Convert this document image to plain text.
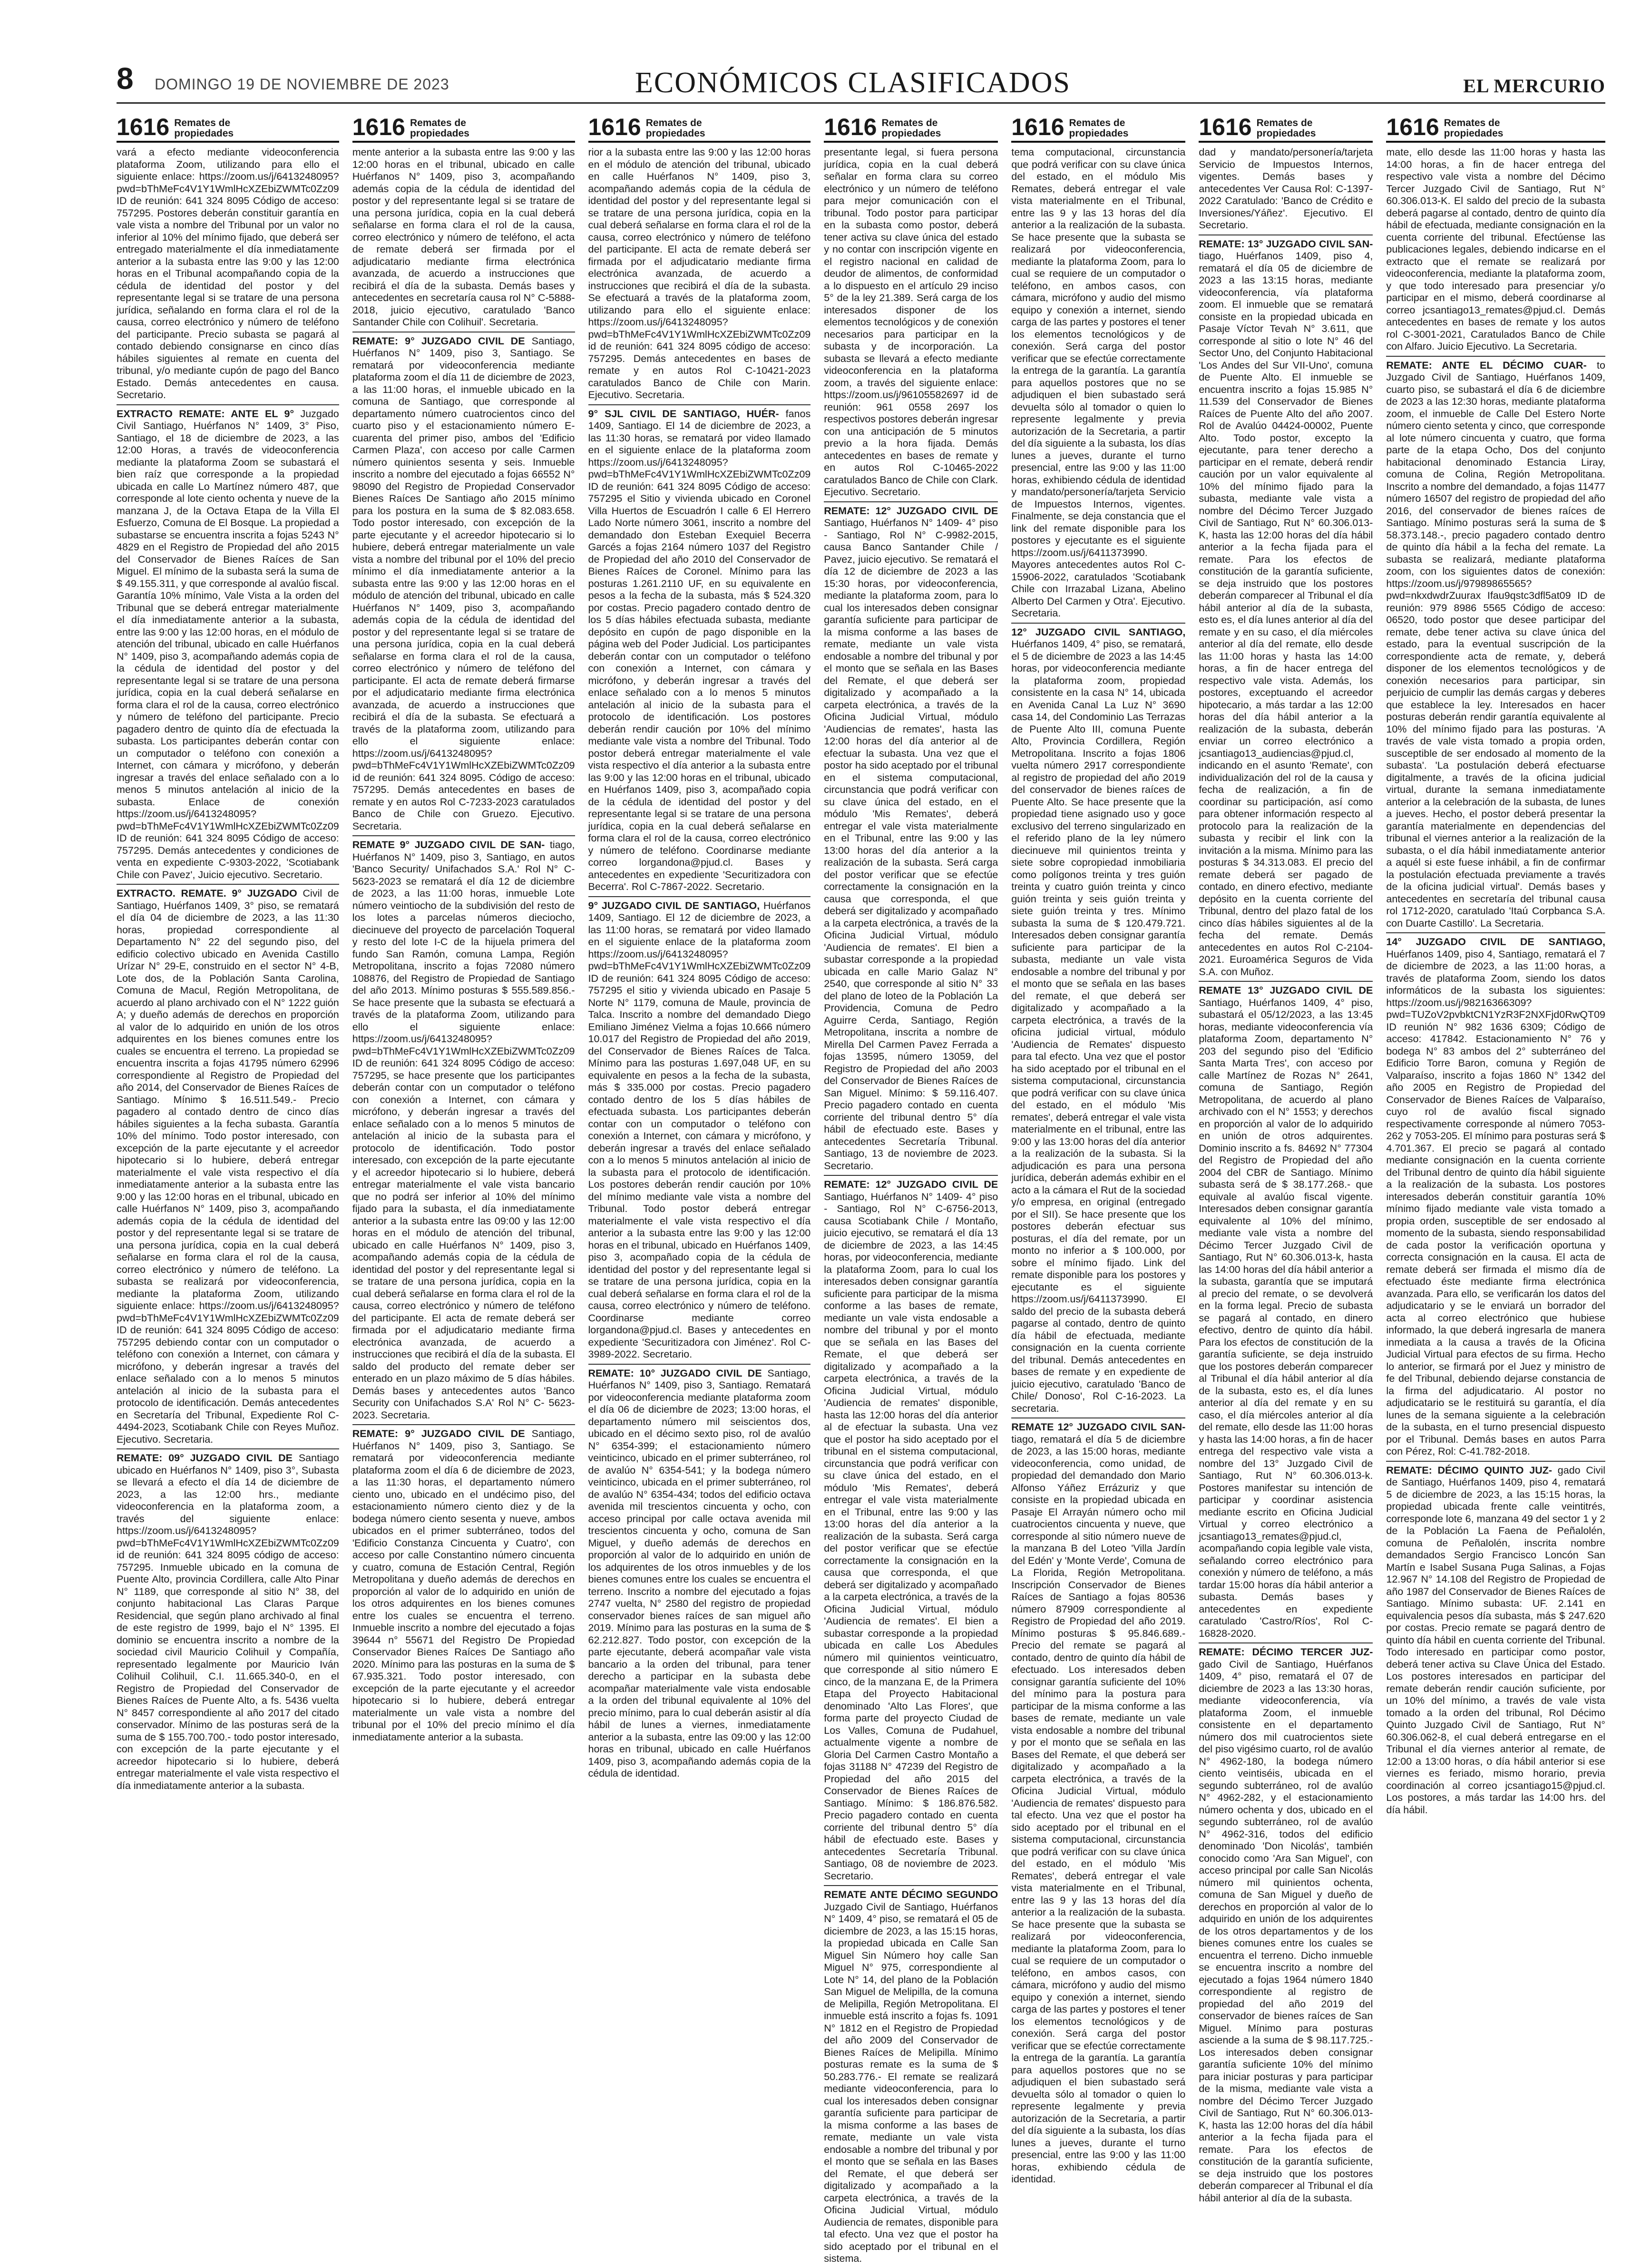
8 DOMINGO 19 DE NOVIEMBRE DE 2023	ECONÓMICOS CLASIFICADOS	EL MERCURIO
1616 Remates de propiedades

vará a efecto mediante videoconferencia plataforma Zoom, utilizando para ello el siguiente enlace: https://zoom.us/j/6413248095?pwd=bThMeFc4V1Y1WmlHcXZEbiZWMTc0Zz09 ID de reunión: 641 324 8095 Código de acceso: 757295. Postores deberán constituir garantía en vale vista a nombre del Tribunal por un valor no inferior al 10% del mínimo fijado, que deberá ser entregado materialmente el día inmediatamente anterior a la subasta entre las 9:00 y las 12:00 horas en el Tribunal acompañando copia de la cédula de identidad del postor y del representante legal si se tratare de una persona jurídica, señalando en forma clara el rol de la causa, correo electrónico y número de teléfono del participante. Precio subasta se pagará al contado debiendo consignarse en cinco días hábiles siguientes al remate en cuenta del tribunal, y/o mediante cupón de pago del Banco Estado. Demás antecedentes en causa. Secretario.

EXTRACTO REMATE: ANTE EL 9° Juzgado Civil Santiago, Huérfanos N° 1409, 3° Piso, Santiago, el 18 de diciembre de 2023, a las 12:00 Horas, a través de videoconferencia mediante la plataforma Zoom se subastará el bien raíz que corresponde a la propiedad ubicada en calle Lo Martínez número 487, que corresponde al lote ciento ochenta y nueve de la manzana J, de la Octava Etapa de la Villa El Esfuerzo, Comuna de El Bosque. La propiedad a subastarse se encuentra inscrita a fojas 5243 N° 4829 en el Registro de Propiedad del año 2015 del Conservador de Bienes Raíces de San Miguel. El mínimo de la subasta será la suma de $ 49.155.311, y que corresponde al avalúo fiscal. Garantía 10% mínimo, Vale Vista a la orden del Tribunal que se deberá entregar materialmente el día inmediatamente anterior a la subasta, entre las 9:00 y las 12:00 horas, en el módulo de atención del tribunal, ubicado en calle Huérfanos N° 1409, piso 3, acompañando además copia de la cédula de identidad del postor y del representante legal si se tratare de una persona jurídica, copia en la cual deberá señalarse en forma clara el rol de la causa, correo electrónico y número de teléfono del participante. Precio pagadero dentro de quinto día de efectuada la subasta. Los participantes deberán contar con un computador o teléfono con conexión a Internet, con cámara y micrófono, y deberán ingresar a través del enlace señalado con a lo menos 5 minutos antelación al inicio de la subasta. Enlace de conexión https://zoom.us/j/6413248095?pwd=bThMeFc4V1Y1WmlHcXZEbiZWMTc0Zz09 ID de reunión: 641 324 8095 Código de acceso: 757295. Demás antecedentes y condiciones de venta en expediente C-9303-2022, 'Scotiabank Chile con Pavez', Juicio ejecutivo. Secretario.

EXTRACTO. REMATE. 9° JUZGADO Civil de Santiago, Huérfanos 1409, 3° piso, se rematará el día 04 de diciembre de 2023, a las 11:30 horas, propiedad correspondiente al Departamento N° 22 del segundo piso, del edificio colectivo ubicado en Avenida Castillo Urízar N° 29-E, construido en el sector N° 4-B, Lote dos, de la Población Santa Carolina, Comuna de Macul, Región Metropolitana, de acuerdo al plano archivado con el N° 1222 guión A; y dueño además de derechos en proporción al valor de lo adquirido en unión de los otros adquirentes en los bienes comunes entre los cuales se encuentra el terreno. La propiedad se encuentra inscrita a fojas 41795 número 62996 correspondiente al Registro de Propiedad del año 2014, del Conservador de Bienes Raíces de Santiago. Mínimo $ 16.511.549.- Precio pagadero al contado dentro de cinco días hábiles siguientes a la fecha subasta. Garantía 10% del mínimo. Todo postor interesado, con excepción de la parte ejecutante y el acreedor hipotecario si lo hubiere, deberá entregar materialmente el vale vista respectivo el día inmediatamente anterior a la subasta entre las 9:00 y las 12:00 horas en el tribunal, ubicado en calle Huérfanos N° 1409, piso 3, acompañando además copia de la cédula de identidad del postor y del representante legal si se tratare de una persona jurídica, copia en la cual deberá señalarse en forma clara el rol de la causa, correo electrónico y número de teléfono. La subasta se realizará por videoconferencia, mediante la plataforma Zoom, utilizando siguiente enlace: https://zoom.us/j/6413248095?pwd=bThMeFc4V1Y1WmlHcXZEbiZWMTc0Zz09 ID de reunión: 641 324 8095 Código de acceso: 757295 debiendo contar con un computador o teléfono con conexión a Internet, con cámara y micrófono, y deberán ingresar a través del enlace señalado con a lo menos 5 minutos antelación al inicio de la subasta para el protocolo de identificación. Demás antecedentes en Secretaría del Tribunal, Expediente Rol C-4494-2023, Scotiabank Chile con Reyes Muñoz. Ejecutivo. Secretaria.

REMATE: 09° JUZGADO CIVIL DE Santiago ubicado en Huérfanos N° 1409, piso 3°, Subasta se llevará a efecto el día 14 de diciembre de 2023, a las 12:00 hrs., mediante videoconferencia en la plataforma zoom, a través del siguiente enlace: https://zoom.us/j/6413248095?pwd=bThMeFc4V1Y1WmlHcXZEbiZWMTc0Zz09 id de reunión: 641 324 8095 código de acceso: 757295. Inmueble ubicado en la comuna de Puente Alto, provincia Cordillera, calle Alto Pinar N° 1189, que corresponde al sitio N° 38, del conjunto habitacional Las Claras Parque Residencial, que según plano archivado al final de este registro de 1999, bajo el N° 1395. El dominio se encuentra inscrito a nombre de la sociedad civil Mauricio Colihuil y Compañía, representado legalmente por Mauricio Iván Colihuil Colihuil, C.I. 11.665.340-0, en el Registro de Propiedad del Conservador de Bienes Raíces de Puente Alto, a fs. 5436 vuelta N° 8457 correspondiente al año 2017 del citado conservador. Mínimo de las posturas será de la suma de $ 155.700.700.- todo postor interesado, con excepción de la parte ejecutante y el acreedor hipotecario si lo hubiere, deberá entregar materialmente el vale vista respectivo el día inmediatamente anterior a la subasta.

1616 Remates de propiedades

mente anterior a la subasta entre las 9:00 y las 12:00 horas en el tribunal, ubicado en calle Huérfanos N° 1409, piso 3, acompañando además copia de la cédula de identidad del postor y del representante legal si se tratare de una persona jurídica, copia en la cual deberá señalarse en forma clara el rol de la causa, correo electrónico y número de teléfono, el acta de remate deberá ser firmada por el adjudicatario mediante firma electrónica avanzada, de acuerdo a instrucciones que recibirá el día de la subasta. Demás bases y antecedentes en secretaría causa rol N° C-5888-2018, juicio ejecutivo, caratulado 'Banco Santander Chile con Colihuil'. Secretaria.

REMATE: 9° JUZGADO CIVIL DE Santiago, Huérfanos N° 1409, piso 3, Santiago. Se rematará por videoconferencia mediante plataforma zoom el día 11 de diciembre de 2023, a las 11:00 horas, el inmueble ubicado en la comuna de Santiago, que corresponde al departamento número cuatrocientos cinco del cuarto piso y el estacionamiento número E-cuarenta del primer piso, ambos del 'Edificio Carmen Plaza', con acceso por calle Carmen número quinientos sesenta y seis. Inmueble inscrito a nombre del ejecutado a fojas 66552 N° 98090 del Registro de Propiedad Conservador Bienes Raíces De Santiago año 2015 mínimo para los postura en la suma de $ 82.083.658. Todo postor interesado, con excepción de la parte ejecutante y el acreedor hipotecario si lo hubiere, deberá entregar materialmente un vale vista a nombre del tribunal por el 10% del precio mínimo el día inmediatamente anterior a la subasta entre las 9:00 y las 12:00 horas en el módulo de atención del tribunal, ubicado en calle Huérfanos N° 1409, piso 3, acompañando además copia de la cédula de identidad del postor y del representante legal si se tratare de una persona jurídica, copia en la cual deberá señalarse en forma clara el rol de la causa, correo electrónico y número de teléfono del participante. El acta de remate deberá firmarse por el adjudicatario mediante firma electrónica avanzada, de acuerdo a instrucciones que recibirá el día de la subasta. Se efectuará a través de la plataforma zoom, utilizando para ello el siguiente enlace: https://zoom.us/j/6413248095?pwd=bThMeFc4V1Y1WmlHcXZEbiZWMTc0Zz09 id de reunión: 641 324 8095. Código de acceso: 757295. Demás antecedentes en bases de remate y en autos Rol C-7233-2023 caratulados Banco de Chile con Gruezo. Ejecutivo. Secretaria.

REMATE 9° JUZGADO CIVIL DE SAN- tiago, Huérfanos N° 1409, piso 3, Santiago, en autos 'Banco Security/ Unifachados S.A.' Rol N° C-5623-2023 se rematará el día 12 de diciembre de 2023, a las 11:00 horas, inmueble Lote número veintiocho de la subdivisión del resto de los lotes a parcelas números dieciocho, diecinueve del proyecto de parcelación Toqueral y resto del lote I-C de la hijuela primera del fundo San Ramón, comuna Lampa, Región Metropolitana, inscrito a fojas 72080 número 108876, del Registro de Propiedad de Santiago del año 2013. Mínimo posturas $ 555.589.856.- Se hace presente que la subasta se efectuará a través de la plataforma Zoom, utilizando para ello el siguiente enlace: https://zoom.us/j/6413248095?pwd=bThMeFc4V1Y1WmlHcXZEbiZWMTc0Zz09 ID de reunión: 641 324 8095 Código de acceso: 757295, se hace presente que los participantes deberán contar con un computador o teléfono con conexión a Internet, con cámara y micrófono, y deberán ingresar a través del enlace señalado con a lo menos 5 minutos de antelación al inicio de la subasta para el protocolo de identificación. Todo postor interesado, con excepción de la parte ejecutante y el acreedor hipotecario si lo hubiere, deberá entregar materialmente el vale vista bancario que no podrá ser inferior al 10% del mínimo fijado para la subasta, el día inmediatamente anterior a la subasta entre las 09:00 y las 12:00 horas en el módulo de atención del tribunal, ubicado en calle Huérfanos N° 1409, piso 3, acompañando además copia de la cédula de identidad del postor y del representante legal si se tratare de una persona jurídica, copia en la cual deberá señalarse en forma clara el rol de la causa, correo electrónico y número de teléfono del participante. El acta de remate deberá ser firmada por el adjudicatario mediante firma electrónica avanzada, de acuerdo a instrucciones que recibirá el día de la subasta. El saldo del producto del remate deber ser enterado en un plazo máximo de 5 días hábiles. Demás bases y antecedentes autos 'Banco Security con Unifachados S.A' Rol N° C- 5623-2023. Secretaria.

REMATE: 9° JUZGADO CIVIL DE Santiago, Huérfanos N° 1409, piso 3, Santiago. Se rematará por videoconferencia mediante plataforma zoom el día 6 de diciembre de 2023, a las 11:30 horas, el departamento número ciento uno, ubicado en el undécimo piso, del estacionamiento número ciento diez y de la bodega número ciento sesenta y nueve, ambos ubicados en el primer subterráneo, todos del 'Edificio Constanza Cincuenta y Cuatro', con acceso por calle Constantino número cincuenta y cuatro, comuna de Estación Central, Región Metropolitana y dueño además de derechos en proporción al valor de lo adquirido en unión de los otros adquirentes en los bienes comunes entre los cuales se encuentra el terreno. Inmueble inscrito a nombre del ejecutado a fojas 39644 n° 55671 del Registro De Propiedad Conservador Bienes Raíces De Santiago año 2020. Mínimo para las posturas en la suma de $ 67.935.321. Todo postor interesado, con excepción de la parte ejecutante y el acreedor hipotecario si lo hubiere, deberá entregar materialmente un vale vista a nombre del tribunal por el 10% del precio mínimo el día inmediatamente anterior a la subasta.

1616 Remates de propiedades

rior a la subasta entre las 9:00 y las 12:00 horas en el módulo de atención del tribunal, ubicado en calle Huérfanos N° 1409, piso 3, acompañando además copia de la cédula de identidad del postor y del representante legal si se tratare de una persona jurídica, copia en la cual deberá señalarse en forma clara el rol de la causa, correo electrónico y número de teléfono del participante. El acta de remate deberá ser firmada por el adjudicatario mediante firma electrónica avanzada, de acuerdo a instrucciones que recibirá el día de la subasta. Se efectuará a través de la plataforma zoom, utilizando para ello el siguiente enlace: https://zoom.us/j/6413248095?pwd=bThMeFc4V1Y1WmlHcXZEbiZWMTc0Zz09 id de reunión: 641 324 8095 código de acceso: 757295. Demás antecedentes en bases de remate y en autos Rol C-10421-2023 caratulados Banco de Chile con Marin. Ejecutivo. Secretaria.

9° SJL CIVIL DE SANTIAGO, HUÉR- fanos 1409, Santiago. El 14 de diciembre de 2023, a las 11:30 horas, se rematará por video llamado en el siguiente enlace de la plataforma zoom https://zoom.us/j/6413248095?pwd=bThMeFc4V1Y1WmlHcXZEbiZWMTc0Zz09 ID de reunión: 641 324 8095 Código de acceso: 757295 el Sitio y vivienda ubicado en Coronel Villa Huertos de Escuadrón I calle 6 El Herrero Lado Norte número 3061, inscrito a nombre del demandado don Esteban Exequiel Becerra Garcés a fojas 2164 número 1037 del Registro de Propiedad del año 2010 del Conservador de Bienes Raíces de Coronel. Mínimo para las posturas 1.261.2110 UF, en su equivalente en pesos a la fecha de la subasta, más $ 524.320 por costas. Precio pagadero contado dentro de los 5 días hábiles efectuada subasta, mediante depósito en cupón de pago disponible en la página web del Poder Judicial. Los participantes deberán contar con un computador o teléfono con conexión a Internet, con cámara y micrófono, y deberán ingresar a través del enlace señalado con a lo menos 5 minutos antelación al inicio de la subasta para el protocolo de identificación. Los postores deberán rendir caución por 10% del mínimo mediante vale vista a nombre del Tribunal. Todo postor deberá entregar materialmente el vale vista respectivo el día anterior a la subasta entre las 9:00 y las 12:00 horas en el tribunal, ubicado en Huérfanos 1409, piso 3, acompañado copia de la cédula de identidad del postor y del representante legal si se tratare de una persona jurídica, copia en la cual deberá señalarse en forma clara el rol de la causa, correo electrónico y número de teléfono. Coordinarse mediante correo lorgandona@pjud.cl. Bases y antecedentes en expediente 'Securitizadora con Becerra'. Rol C-7867-2022. Secretario.

9° JUZGADO CIVIL DE SANTIAGO, Huérfanos 1409, Santiago. El 12 de diciembre de 2023, a las 11:00 horas, se rematará por video llamado en el siguiente enlace de la plataforma zoom https://zoom.us/j/6413248095?pwd=bThMeFc4V1Y1WmlHcXZEbiZWMTc0Zz09 ID de reunión: 641 324 8095 Código de acceso: 757295 el sitio y vivienda ubicado en Pasaje 5 Norte N° 1179, comuna de Maule, provincia de Talca. Inscrito a nombre del demandado Diego Emiliano Jiménez Vielma a fojas 10.666 número 10.017 del Registro de Propiedad del año 2019, del Conservador de Bienes Raíces de Talca. Mínimo para las posturas 1.697,048 UF, en su equivalente en pesos a la fecha de la subasta, más $ 335.000 por costas. Precio pagadero contado dentro de los 5 días hábiles de efectuada subasta. Los participantes deberán contar con un computador o teléfono con conexión a Internet, con cámara y micrófono, y deberán ingresar a través del enlace señalado con a lo menos 5 minutos antelación al inicio de la subasta para el protocolo de identificación. Los postores deberán rendir caución por 10% del mínimo mediante vale vista a nombre del Tribunal. Todo postor deberá entregar materialmente el vale vista respectivo el día anterior a la subasta entre las 9:00 y las 12:00 horas en el tribunal, ubicado en Huérfanos 1409, piso 3, acompañado copia de la cédula de identidad del postor y del representante legal si se tratare de una persona jurídica, copia en la cual deberá señalarse en forma clara el rol de la causa, correo electrónico y número de teléfono. Coordinarse mediante correo lorgandona@pjud.cl. Bases y antecedentes en expediente 'Securitizadora con Jiménez'. Rol C-3989-2022. Secretario.

REMATE: 10° JUZGADO CIVIL DE Santiago, Huérfanos N° 1409, piso 3, Santiago. Rematará por videoconferencia mediante plataforma zoom el día 06 de diciembre de 2023; 13:00 horas, el departamento número mil seiscientos dos, ubicado en el décimo sexto piso, rol de avalúo N° 6354-399; el estacionamiento número veinticinco, ubicado en el primer subterráneo, rol de avalúo N° 6354-541; y la bodega número veinticinco, ubicada en el primer subterráneo, rol de avalúo N° 6354-434; todos del edificio octava avenida mil trescientos cincuenta y ocho, con acceso principal por calle octava avenida mil trescientos cincuenta y ocho, comuna de San Miguel, y dueño además de derechos en proporción al valor de lo adquirido en unión de los adquirentes de los otros inmuebles y de los bienes comunes entre los cuales se encuentra el terreno. Inscrito a nombre del ejecutado a fojas 2747 vuelta, N° 2580 del registro de propiedad conservador bienes raíces de san miguel año 2019. Mínimo para las posturas en la suma de $ 62.212.827. Todo postor, con excepción de la parte ejecutante, deberá acompañar vale vista bancario a la orden del tribunal, para tener derecho a participar en la subasta debe acompañar materialmente vale vista endosable a la orden del tribunal equivalente al 10% del precio mínimo, para lo cual deberán asistir al día hábil de lunes a viernes, inmediatamente anterior a la subasta, entre las 09:00 y las 12:00 horas en tribunal, ubicado en calle Huérfanos 1409, piso 3, acompañando además copia de la cédula de identidad.

1616 Remates de propiedades

presentante legal, si fuera persona jurídica, copia en la cual deberá señalar en forma clara su correo electrónico y un número de teléfono para mejor comunicación con el tribunal. Todo postor para participar en la subasta como postor, deberá tener activa su clave única del estado y no contar con inscripción vigente en el registro nacional en calidad de deudor de alimentos, de conformidad a lo dispuesto en el artículo 29 inciso 5° de la ley 21.389. Será carga de los interesados disponer de los elementos tecnológicos y de conexión necesarios para participar en la subasta y de incorporación. La subasta se llevará a efecto mediante videoconferencia en la plataforma zoom, a través del siguiente enlace: https://zoom.us/j/96105582697 id de reunión: 961 0558 2697 los respectivos postores deberán ingresar con una anticipación de 5 minutos previo a la hora fijada. Demás antecedentes en bases de remate y en autos Rol C-10465-2022 caratulados Banco de Chile con Clark. Ejecutivo. Secretario.

REMATE: 12° JUZGADO CIVIL DE Santiago, Huérfanos N° 1409- 4° piso - Santiago, Rol N° C-9982-2015, causa Banco Santander Chile / Pavez, juicio ejecutivo. Se rematará el día 12 de diciembre de 2023 a las 15:30 horas, por videoconferencia, mediante la plataforma zoom, para lo cual los interesados deben consignar garantía suficiente para participar de la misma conforme a las bases de remate, mediante un vale vista endosable a nombre del tribunal y por el monto que se señala en las Bases del Remate, el que deberá ser digitalizado y acompañado a la carpeta electrónica, a través de la Oficina Judicial Virtual, módulo 'Audiencias de remates', hasta las 12:00 horas del día anterior al de efectuar la subasta. Una vez que el postor ha sido aceptado por el tribunal en el sistema computacional, circunstancia que podrá verificar con su clave única del estado, en el módulo 'Mis Remates', deberá entregar el vale vista materialmente en el Tribunal, entre las 9:00 y las 13:00 horas del día anterior a la realización de la subasta. Será carga del postor verificar que se efectúe correctamente la consignación en la causa que corresponda, el que deberá ser digitalizado y acompañado a la carpeta electrónica, a través de la Oficina Judicial Virtual, módulo 'Audiencia de remates'. El bien a subastar corresponde a la propiedad ubicada en calle Mario Galaz N° 2540, que corresponde al sitio N° 33 del plano de loteo de la Población La Providencia, Comuna de Pedro Aguirre Cerda, Santiago, Región Metropolitana, inscrita a nombre de Mirella Del Carmen Pavez Ferrada a fojas 13595, número 13059, del Registro de Propiedad del año 2003 del Conservador de Bienes Raíces de San Miguel. Mínimo: $ 59.116.407. Precio pagadero contado en cuenta corriente del tribunal dentro 5° día hábil de efectuado este. Bases y antecedentes Secretaría Tribunal. Santiago, 13 de noviembre de 2023. Secretario.

REMATE: 12° JUZGADO CIVIL DE Santiago, Huérfanos N° 1409- 4° piso - Santiago, Rol N° C-6756-2013, causa Scotiabank Chile / Montaño, juicio ejecutivo, se rematará el día 13 de diciembre de 2023, a las 14:45 horas, por videoconferencia, mediante la plataforma Zoom, para lo cual los interesados deben consignar garantía suficiente para participar de la misma conforme a las bases de remate, mediante un vale vista endosable a nombre del tribunal y por el monto que se señala en las Bases del Remate, el que deberá ser digitalizado y acompañado a la carpeta electrónica, a través de la Oficina Judicial Virtual, módulo 'Audiencia de remates' disponible, hasta las 12:00 horas del día anterior al de efectuar la subasta. Una vez que el postor ha sido aceptado por el tribunal en el sistema computacional, circunstancia que podrá verificar con su clave única del estado, en el módulo 'Mis Remates', deberá entregar el vale vista materialmente en el Tribunal, entre las 9:00 y las 13:00 horas del día anterior a la realización de la subasta. Será carga del postor verificar que se efectúe correctamente la consignación en la causa que corresponda, el que deberá ser digitalizado y acompañado a la carpeta electrónica, a través de la Oficina Judicial Virtual, módulo 'Audiencia de remates'. El bien a subastar corresponde a la propiedad ubicada en calle Los Abedules número mil quinientos veinticuatro, que corresponde al sitio número E cinco, de la manzana E, de la Primera Etapa del Proyecto Habitacional denominado 'Alto Las Flores', que forma parte del proyecto Ciudad de Los Valles, Comuna de Pudahuel, actualmente vigente a nombre de Gloria Del Carmen Castro Montaño a fojas 31188 N° 47239 del Registro de Propiedad del año 2015 del Conservador de Bienes Raíces de Santiago. Mínimo: $ 186.876.582. Precio pagadero contado en cuenta corriente del tribunal dentro 5° día hábil de efectuado este. Bases y antecedentes Secretaría Tribunal. Santiago, 08 de noviembre de 2023. Secretario.

REMATE ANTE DÉCIMO SEGUNDO Juzgado Civil de Santiago, Huérfanos N° 1409, 4° piso, se rematará el 05 de diciembre de 2023, a las 15:15 horas, la propiedad ubicada en Calle San Miguel Sin Número hoy calle San Miguel N° 975, correspondiente al Lote N° 14, del plano de la Población San Miguel de Melipilla, de la comuna de Melipilla, Región Metropolitana. El inmueble está inscrito a fojas fs. 1091 N° 1812 en el Registro de Propiedad del año 2009 del Conservador de Bienes Raíces de Melipilla. Mínimo posturas remate es la suma de $ 50.283.776.- El remate se realizará mediante videoconferencia, para lo cual los interesados deben consignar garantía suficiente para participar de la misma conforme a las bases de remate, mediante un vale vista endosable a nombre del tribunal y por el monto que se señala en las Bases del Remate, el que deberá ser digitalizado y acompañado a la carpeta electrónica, a través de la Oficina Judicial Virtual, módulo Audiencia de remates, disponible para tal efecto. Una vez que el postor ha sido aceptado por el tribunal en el sistema.

1616 Remates de propiedades

tema computacional, circunstancia que podrá verificar con su clave única del estado, en el módulo Mis Remates, deberá entregar el vale vista materialmente en el Tribunal, entre las 9 y las 13 horas del día anterior a la realización de la subasta. Se hace presente que la subasta se realizará por videoconferencia, mediante la plataforma Zoom, para lo cual se requiere de un computador o teléfono, en ambos casos, con cámara, micrófono y audio del mismo equipo y conexión a internet, siendo carga de las partes y postores el tener los elementos tecnológicos y de conexión. Será carga del postor verificar que se efectúe correctamente la entrega de la garantía. La garantía para aquellos postores que no se adjudiquen el bien subastado será devuelta sólo al tomador o quien lo represente legalmente y previa autorización de la Secretaria, a partir del día siguiente a la subasta, los días lunes a jueves, durante el turno presencial, entre las 9:00 y las 11:00 horas, exhibiendo cédula de identidad y mandato/personería/tarjeta Servicio de Impuestos Internos, vigentes. Finalmente, se deja constancia que el link del remate disponible para los postores y ejecutante es el siguiente https://zoom.us/j/6411373990. Mayores antecedentes autos Rol C-15906-2022, caratulados 'Scotiabank Chile con Irrazabal Lizana, Abelino Alberto Del Carmen y Otra'. Ejecutivo. Secretaria.

12° JUZGADO CIVIL SANTIAGO, Huérfanos 1409, 4° piso, se rematará, el 5 de diciembre de 2023 a las 14:45 horas, por videoconferencia mediante la plataforma zoom, propiedad consistente en la casa N° 14, ubicada en Avenida Canal La Luz N° 3690 casa 14, del Condominio Las Terrazas de Puente Alto III, comuna Puente Alto, Provincia Cordillera, Región Metropolitana. Inscrito a fojas 1806 vuelta número 2917 correspondiente al registro de propiedad del año 2019 del conservador de bienes raíces de Puente Alto. Se hace presente que la propiedad tiene asignado uso y goce exclusivo del terreno singularizado en el referido plano de la ley número diecinueve mil quinientos treinta y siete sobre copropiedad inmobiliaria como polígonos treinta y tres guión treinta y cuatro guión treinta y cinco guión treinta y seis guión treinta y siete guión treinta y tres. Mínimo subasta la suma de $ 120.479.721. Interesados deben consignar garantía suficiente para participar de la subasta, mediante un vale vista endosable a nombre del tribunal y por el monto que se señala en las bases del remate, el que deberá ser digitalizado y acompañado a la carpeta electrónica, a través de la oficina judicial virtual, módulo 'Audiencia de Remates' dispuesto para tal efecto. Una vez que el postor ha sido aceptado por el tribunal en el sistema computacional, circunstancia que podrá verificar con su clave única del estado, en el módulo 'Mis remates', deberá entregar el vale vista materialmente en el tribunal, entre las 9:00 y las 13:00 horas del día anterior a la realización de la subasta. Si la adjudicación es para una persona jurídica, deberán además exhibir en el acto a la cámara el Rut de la sociedad y/o empresa, en original (entregado por el SII). Se hace presente que los postores deberán efectuar sus posturas, el día del remate, por un monto no inferior a $ 100.000, por sobre el mínimo fijado. Link del remate disponible para los postores y ejecutante es el siguiente https://zoom.us/j/6411373990. El saldo del precio de la subasta deberá pagarse al contado, dentro de quinto día hábil de efectuada, mediante consignación en la cuenta corriente del tribunal. Demás antecedentes en bases de remate y en expediente de juicio ejecutivo, caratulado 'Banco de Chile/ Donoso', Rol C-16-2023. La secretaria.

REMATE 12° JUZGADO CIVIL SAN- tiago, rematará el día 5 de diciembre de 2023, a las 15:00 horas, mediante videoconferencia, como unidad, de propiedad del demandado don Mario Alfonso Yáñez Errázuriz y que consiste en la propiedad ubicada en Pasaje El Arrayán número ocho mil cuatrocientos cincuenta y nueve, que corresponde al sitio número nueve de la manzana B del Loteo 'Villa Jardín del Edén' y 'Monte Verde', Comuna de La Florida, Región Metropolitana. Inscripción Conservador de Bienes Raíces de Santiago a fojas 80536 número 87909 correspondiente al Registro de Propiedad del año 2019. Mínimo posturas $ 95.846.689.- Precio del remate se pagará al contado, dentro de quinto día hábil de efectuado. Los interesados deben consignar garantía suficiente del 10% del mínimo para la postura para participar de la misma conforme a las bases de remate, mediante un vale vista endosable a nombre del tribunal y por el monto que se señala en las Bases del Remate, el que deberá ser digitalizado y acompañado a la carpeta electrónica, a través de la Oficina Judicial Virtual, módulo 'Audiencia de remates' dispuesto para tal efecto. Una vez que el postor ha sido aceptado por el tribunal en el sistema computacional, circunstancia que podrá verificar con su clave única del estado, en el módulo 'Mis Remates', deberá entregar el vale vista materialmente en el Tribunal, entre las 9 y las 13 horas del día anterior a la realización de la subasta. Se hace presente que la subasta se realizará por videoconferencia, mediante la plataforma Zoom, para lo cual se requiere de un computador o teléfono, en ambos casos, con cámara, micrófono y audio del mismo equipo y conexión a internet, siendo carga de las partes y postores el tener los elementos tecnológicos y de conexión. Será carga del postor verificar que se efectúe correctamente la entrega de la garantía. La garantía para aquellos postores que no se adjudiquen el bien subastado será devuelta sólo al tomador o quien lo represente legalmente y previa autorización de la Secretaria, a partir del día siguiente a la subasta, los días lunes a jueves, durante el turno presencial, entre las 9:00 y las 11:00 horas, exhibiendo cédula de identidad.

1616 Remates de propiedades

dad y mandato/personería/tarjeta Servicio de Impuestos Internos, vigentes. Demás bases y antecedentes Ver Causa Rol: C-1397-2022 Caratulado: 'Banco de Crédito e Inversiones/Yáñez'. Ejecutivo. El Secretario.

REMATE: 13° JUZGADO CIVIL SAN- tiago, Huérfanos 1409, piso 4, rematará el día 05 de diciembre de 2023 a las 13:15 horas, mediante videoconferencia, vía plataforma zoom. El inmueble que se rematará consiste en la propiedad ubicada en Pasaje Víctor Tevah N° 3.611, que corresponde al sitio o lote N° 46 del Sector Uno, del Conjunto Habitacional 'Los Andes del Sur VII-Uno', comuna de Puente Alto. El inmueble se encuentra inscrito a fojas 15.985 N° 11.539 del Conservador de Bienes Raíces de Puente Alto del año 2007. Rol de Avalúo 04424-00002, Puente Alto. Todo postor, excepto la ejecutante, para tener derecho a participar en el remate, deberá rendir caución por un valor equivalente al 10% del mínimo fijado para la subasta, mediante vale vista a nombre del Décimo Tercer Juzgado Civil de Santiago, Rut N° 60.306.013-K, hasta las 12:00 horas del día hábil anterior a la fecha fijada para el remate. Para los efectos de constitución de la garantía suficiente, se deja instruido que los postores deberán comparecer al Tribunal el día hábil anterior al día de la subasta, esto es, el día lunes anterior al día del remate y en su caso, el día miércoles anterior al día del remate, ello desde las 11:00 horas y hasta las 14:00 horas, a fin de hacer entrega del respectivo vale vista. Además, los postores, exceptuando el acreedor hipotecario, a más tardar a las 12:00 horas del día hábil anterior a la realización de la subasta, deberán enviar un correo electrónico a jcsantiago13_audiencias@pjud.cl, indicando en el asunto 'Remate', con individualización del rol de la causa y fecha de realización, a fin de coordinar su participación, así como para obtener información respecto al protocolo para la realización de la subasta y recibir el link con la invitación a la misma. Mínimo para las posturas $ 34.313.083. El precio del remate deberá ser pagado de contado, en dinero efectivo, mediante depósito en la cuenta corriente del Tribunal, dentro del plazo fatal de los cinco días hábiles siguientes al de la fecha del remate. Demás antecedentes en autos Rol C-2104-2021. Euroamérica Seguros de Vida S.A. con Muñoz.

REMATE 13° JUZGADO CIVIL DE Santiago, Huérfanos 1409, 4° piso, subastará el 05/12/2023, a las 13:45 horas, mediante videoconferencia vía plataforma Zoom, departamento N° 203 del segundo piso del 'Edificio Santa Marta Tres', con acceso por calle Martínez de Rozas N° 2641, comuna de Santiago, Región Metropolitana, de acuerdo al plano archivado con el N° 1553; y derechos en proporción al valor de lo adquirido en unión de otros adquirentes. Dominio inscrito a fs. 84692 N° 77304 del Registro de Propiedad del año 2004 del CBR de Santiago. Mínimo subasta será de $ 38.177.268.- que equivale al avalúo fiscal vigente. Interesados deben consignar garantía equivalente al 10% del mínimo, mediante vale vista a nombre del Décimo Tercer Juzgado Civil de Santiago, Rut N° 60.306.013-k, hasta las 14:00 horas del día hábil anterior a la subasta, garantía que se imputará al precio del remate, o se devolverá en la forma legal. Precio de subasta se pagará al contado, en dinero efectivo, dentro de quinto día hábil. Para los efectos de constitución de la garantía suficiente, se deja instruido que los postores deberán comparecer al Tribunal el día hábil anterior al día de la subasta, esto es, el día lunes anterior al día del remate y en su caso, el día miércoles anterior al día del remate, ello desde las 11:00 horas y hasta las 14:00 horas, a fin de hacer entrega del respectivo vale vista a nombre del 13° Juzgado Civil de Santiago, Rut N° 60.306.013-k. Postores manifestar su intención de participar y coordinar asistencia mediante escrito en Oficina Judicial Virtual y correo electrónico a jcsantiago13_remates@pjud.cl, acompañando copia legible vale vista, señalando correo electrónico para conexión y número de teléfono, a más tardar 15:00 horas día hábil anterior a subasta. Demás bases y antecedentes en expediente caratulado 'Castro/Ríos', Rol C-16828-2020.

REMATE: DÉCIMO TERCER JUZ- gado Civil de Santiago, Huérfanos 1409, 4° piso, rematará el 07 de diciembre de 2023 a las 13:30 horas, mediante videoconferencia, vía plataforma Zoom, el inmueble consistente en el departamento número dos mil cuatrocientos siete del piso vigésimo cuarto, rol de avalúo N° 4962-180, la bodega número ciento veintiséis, ubicada en el segundo subterráneo, rol de avalúo N° 4962-282, y el estacionamiento número ochenta y dos, ubicado en el segundo subterráneo, rol de avalúo N° 4962-316, todos del edificio denominado 'Don Nicolás', también conocido como 'Ara San Miguel', con acceso principal por calle San Nicolás número mil quinientos ochenta, comuna de San Miguel y dueño de derechos en proporción al valor de lo adquirido en unión de los adquirentes de los otros departamentos y de los bienes comunes entre los cuales se encuentra el terreno. Dicho inmueble se encuentra inscrito a nombre del ejecutado a fojas 1964 número 1840 correspondiente al registro de propiedad del año 2019 del conservador de bienes raíces de San Miguel. Mínimo para posturas asciende a la suma de $ 98.117.725.- Los interesados deben consignar garantía suficiente 10% del mínimo para iniciar posturas y para participar de la misma, mediante vale vista a nombre del Décimo Tercer Juzgado Civil de Santiago, Rut N° 60.306.013-K, hasta las 12:00 horas del día hábil anterior a la fecha fijada para el remate. Para los efectos de constitución de la garantía suficiente, se deja instruido que los postores deberán comparecer al Tribunal el día hábil anterior al día de la subasta.

1616 Remates de propiedades

mate, ello desde las 11:00 horas y hasta las 14:00 horas, a fin de hacer entrega del respectivo vale vista a nombre del Décimo Tercer Juzgado Civil de Santiago, Rut N° 60.306.013-K. El saldo del precio de la subasta deberá pagarse al contado, dentro de quinto día hábil de efectuada, mediante consignación en la cuenta corriente del tribunal. Efectúense las publicaciones legales, debiendo indicarse en el extracto que el remate se realizará por videoconferencia, mediante la plataforma zoom, y que todo interesado para presenciar y/o participar en el mismo, deberá coordinarse al correo jcsantiago13_remates@pjud.cl. Demás antecedentes en bases de remate y los autos rol C-3001-2021, Caratulados Banco de Chile con Alfaro. Juicio Ejecutivo. La Secretaria.

REMATE: ANTE EL DÉCIMO CUAR- to Juzgado Civil de Santiago, Huérfanos 1409, cuarto piso, se subastará el día 6 de diciembre de 2023 a las 12:30 horas, mediante plataforma zoom, el inmueble de Calle Del Estero Norte número ciento setenta y cinco, que corresponde al lote número cincuenta y cuatro, que forma parte de la etapa Ocho, Dos del conjunto habitacional denominado Estancia Liray, comuna de Colina, Región Metropolitana. Inscrito a nombre del demandado, a fojas 11477 número 16507 del registro de propiedad del año 2016, del conservador de bienes raíces de Santiago. Mínimo posturas será la suma de $ 58.373.148.-, precio pagadero contado dentro de quinto día hábil a la fecha del remate. La subasta se realizará, mediante plataforma zoom, con los siguientes datos de conexión: https://zoom.us/j/97989865565?pwd=nkxdwdrZuurax Ifau9qstc3dfl5at09 ID de reunión: 979 8986 5565 Código de acceso: 06520, todo postor que desee participar del remate, debe tener activa su clave única del estado, para la eventual suscripción de la correspondiente acta de remate, y, deberá disponer de los elementos tecnológicos y de conexión necesarios para participar, sin perjuicio de cumplir las demás cargas y deberes que establece la ley. Interesados en hacer posturas deberán rendir garantía equivalente al 10% del mínimo fijado para las posturas. 'A través de vale vista tomado a propia orden, susceptible de ser endosado al momento de la subasta'. 'La postulación deberá efectuarse digitalmente, a través de la oficina judicial virtual, durante la semana inmediatamente anterior a la celebración de la subasta, de lunes a jueves. Hecho, el postor deberá presentar la garantía materialmente en dependencias del tribunal el viernes anterior a la realización de la subasta, o el día hábil inmediatamente anterior a aquél si este fuese inhábil, a fin de confirmar la postulación efectuada previamente a través de la oficina judicial virtual'. Demás bases y antecedentes en secretaría del tribunal causa rol 1712-2020, caratulado 'Itaú Corpbanca S.A. con Duarte Castillo'. La Secretaria.

14° JUZGADO CIVIL DE SANTIAGO, Huérfanos 1409, piso 4, Santiago, rematará el 7 de diciembre de 2023, a las 11:00 horas, a través de plataforma Zoom, siendo los datos informáticos de la subasta los siguientes: https://zoom.us/j/98216366309?pwd=TUZoV2pvbktCN1YzR3F2NXFjd0RwQT09 ID reunión N° 982 1636 6309; Código de acceso: 417842. Estacionamiento N° 76 y bodega N° 83 ambos del 2° subterráneo del Edificio Torre Baron, comuna y Región de Valparaíso, inscrito a fojas 1860 N° 1342 del año 2005 en Registro de Propiedad del Conservador de Bienes Raíces de Valparaíso, cuyo rol de avalúo fiscal signado respectivamente corresponde al número 7053-262 y 7053-205. El mínimo para posturas será $ 4.701.367. El precio se pagará al contado mediante consignación en la cuenta corriente del Tribunal dentro de quinto día hábil siguiente a la realización de la subasta. Los postores interesados deberán constituir garantía 10% mínimo fijado mediante vale vista tomado a propia orden, susceptible de ser endosado al momento de la subasta, siendo responsabilidad de cada postor la verificación oportuna y correcta consignación en la causa. El acta de remate deberá ser firmada el mismo día de efectuado éste mediante firma electrónica avanzada. Para ello, se verificarán los datos del adjudicatario y se le enviará un borrador del acta al correo electrónico que hubiese informado, la que deberá ingresarla de manera inmediata a la causa a través de la Oficina Judicial Virtual para efectos de su firma. Hecho lo anterior, se firmará por el Juez y ministro de fe del Tribunal, debiendo dejarse constancia de la firma del adjudicatario. Al postor no adjudicatario se le restituirá su garantía, el día lunes de la semana siguiente a la celebración de la subasta, en el turno presencial dispuesto por el Tribunal. Demás bases en autos Parra con Pérez, Rol: C-41.782-2018.

REMATE: DÉCIMO QUINTO JUZ- gado Civil de Santiago, Huérfanos 1409, piso 4, rematará 5 de diciembre de 2023, a las 15:15 horas, la propiedad ubicada frente calle veintitrés, corresponde lote 6, manzana 49 del sector 1 y 2 de la Población La Faena de Peñalolén, comuna de Peñalolén, inscrita nombre demandados Sergio Francisco Loncón San Martín e Isabel Susana Puga Salinas, a Fojas 12.967 N° 14.108 del Registro de Propiedad de año 1987 del Conservador de Bienes Raíces de Santiago. Mínimo subasta: UF. 2.141 en equivalencia pesos día subasta, más $ 247.620 por costas. Precio remate se pagará dentro de quinto día hábil en cuenta corriente del Tribunal. Todo interesado en participar como postor, deberá tener activa su Clave Única del Estado. Los postores interesados en participar del remate deberán rendir caución suficiente, por un 10% del mínimo, a través de vale vista tomado a la orden del tribunal, Rol Décimo Quinto Juzgado Civil de Santiago, Rut N° 60.306.062-8, el cual deberá entregarse en el Tribunal el día viernes anterior al remate, de 12:00 a 13:00 horas, o día hábil anterior si ese viernes es feriado, mismo horario, previa coordinación al correo jcsantiago15@pjud.cl. Los postores, a más tardar las 14:00 hrs. del día hábil.
